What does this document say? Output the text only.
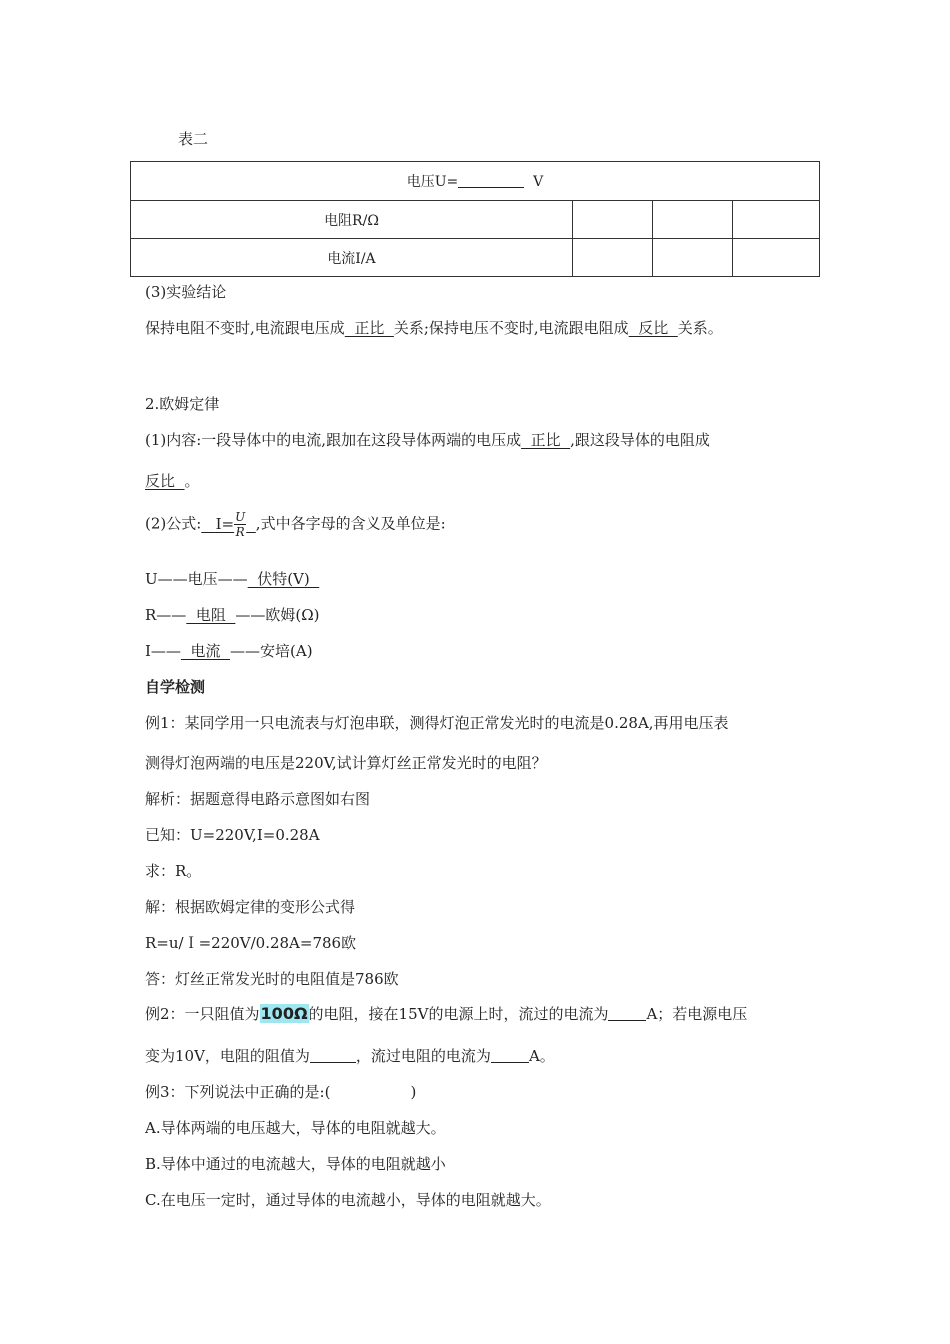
表二
电压U= V			
电阻R/Ω			
电流I/A			
(3)实验结论
保持电阻不变时,电流跟电压成  正比  关系;保持电压不变时,电流跟电阻成  反比  关系。
2.欧姆定律
(1)内容:一段导体中的电流,跟加在这段导体两端的电压成  正比  ,跟这段导体的电阻成
反比  。
(2)公式: $I= \frac{U}{R}$ ,式中各字母的含义及单位是:
U——电压——  伏特(V)
R——  电阻  ——欧姆(Ω)
I——  电流  ——安培(A)
自学检测
例1：某同学用一只电流表与灯泡串联，测得灯泡正常发光时的电流是0.28A,再用电压表
测得灯泡两端的电压是220V,试计算灯丝正常发光时的电阻？
解析：据题意得电路示意图如右图
已知：U=220V,I=0.28A
求：R。
解：根据欧姆定律的变形公式得
R=u/Ｉ=220V/0.28A=786欧
答：灯丝正常发光时的电阻值是786欧
例2：一只阻值为100Ω的电阻，接在15V的电源上时，流过的电流为	A；若电源电压
变为10V，电阻的阻值为	，流过电阻的电流为	A。
例3：下列说法中正确的是:(	)
A.导体两端的电压越大，导体的电阻就越大。
B.导体中通过的电流越大，导体的电阻就越小
C.在电压一定时，通过导体的电流越小，导体的电阻就越大。
